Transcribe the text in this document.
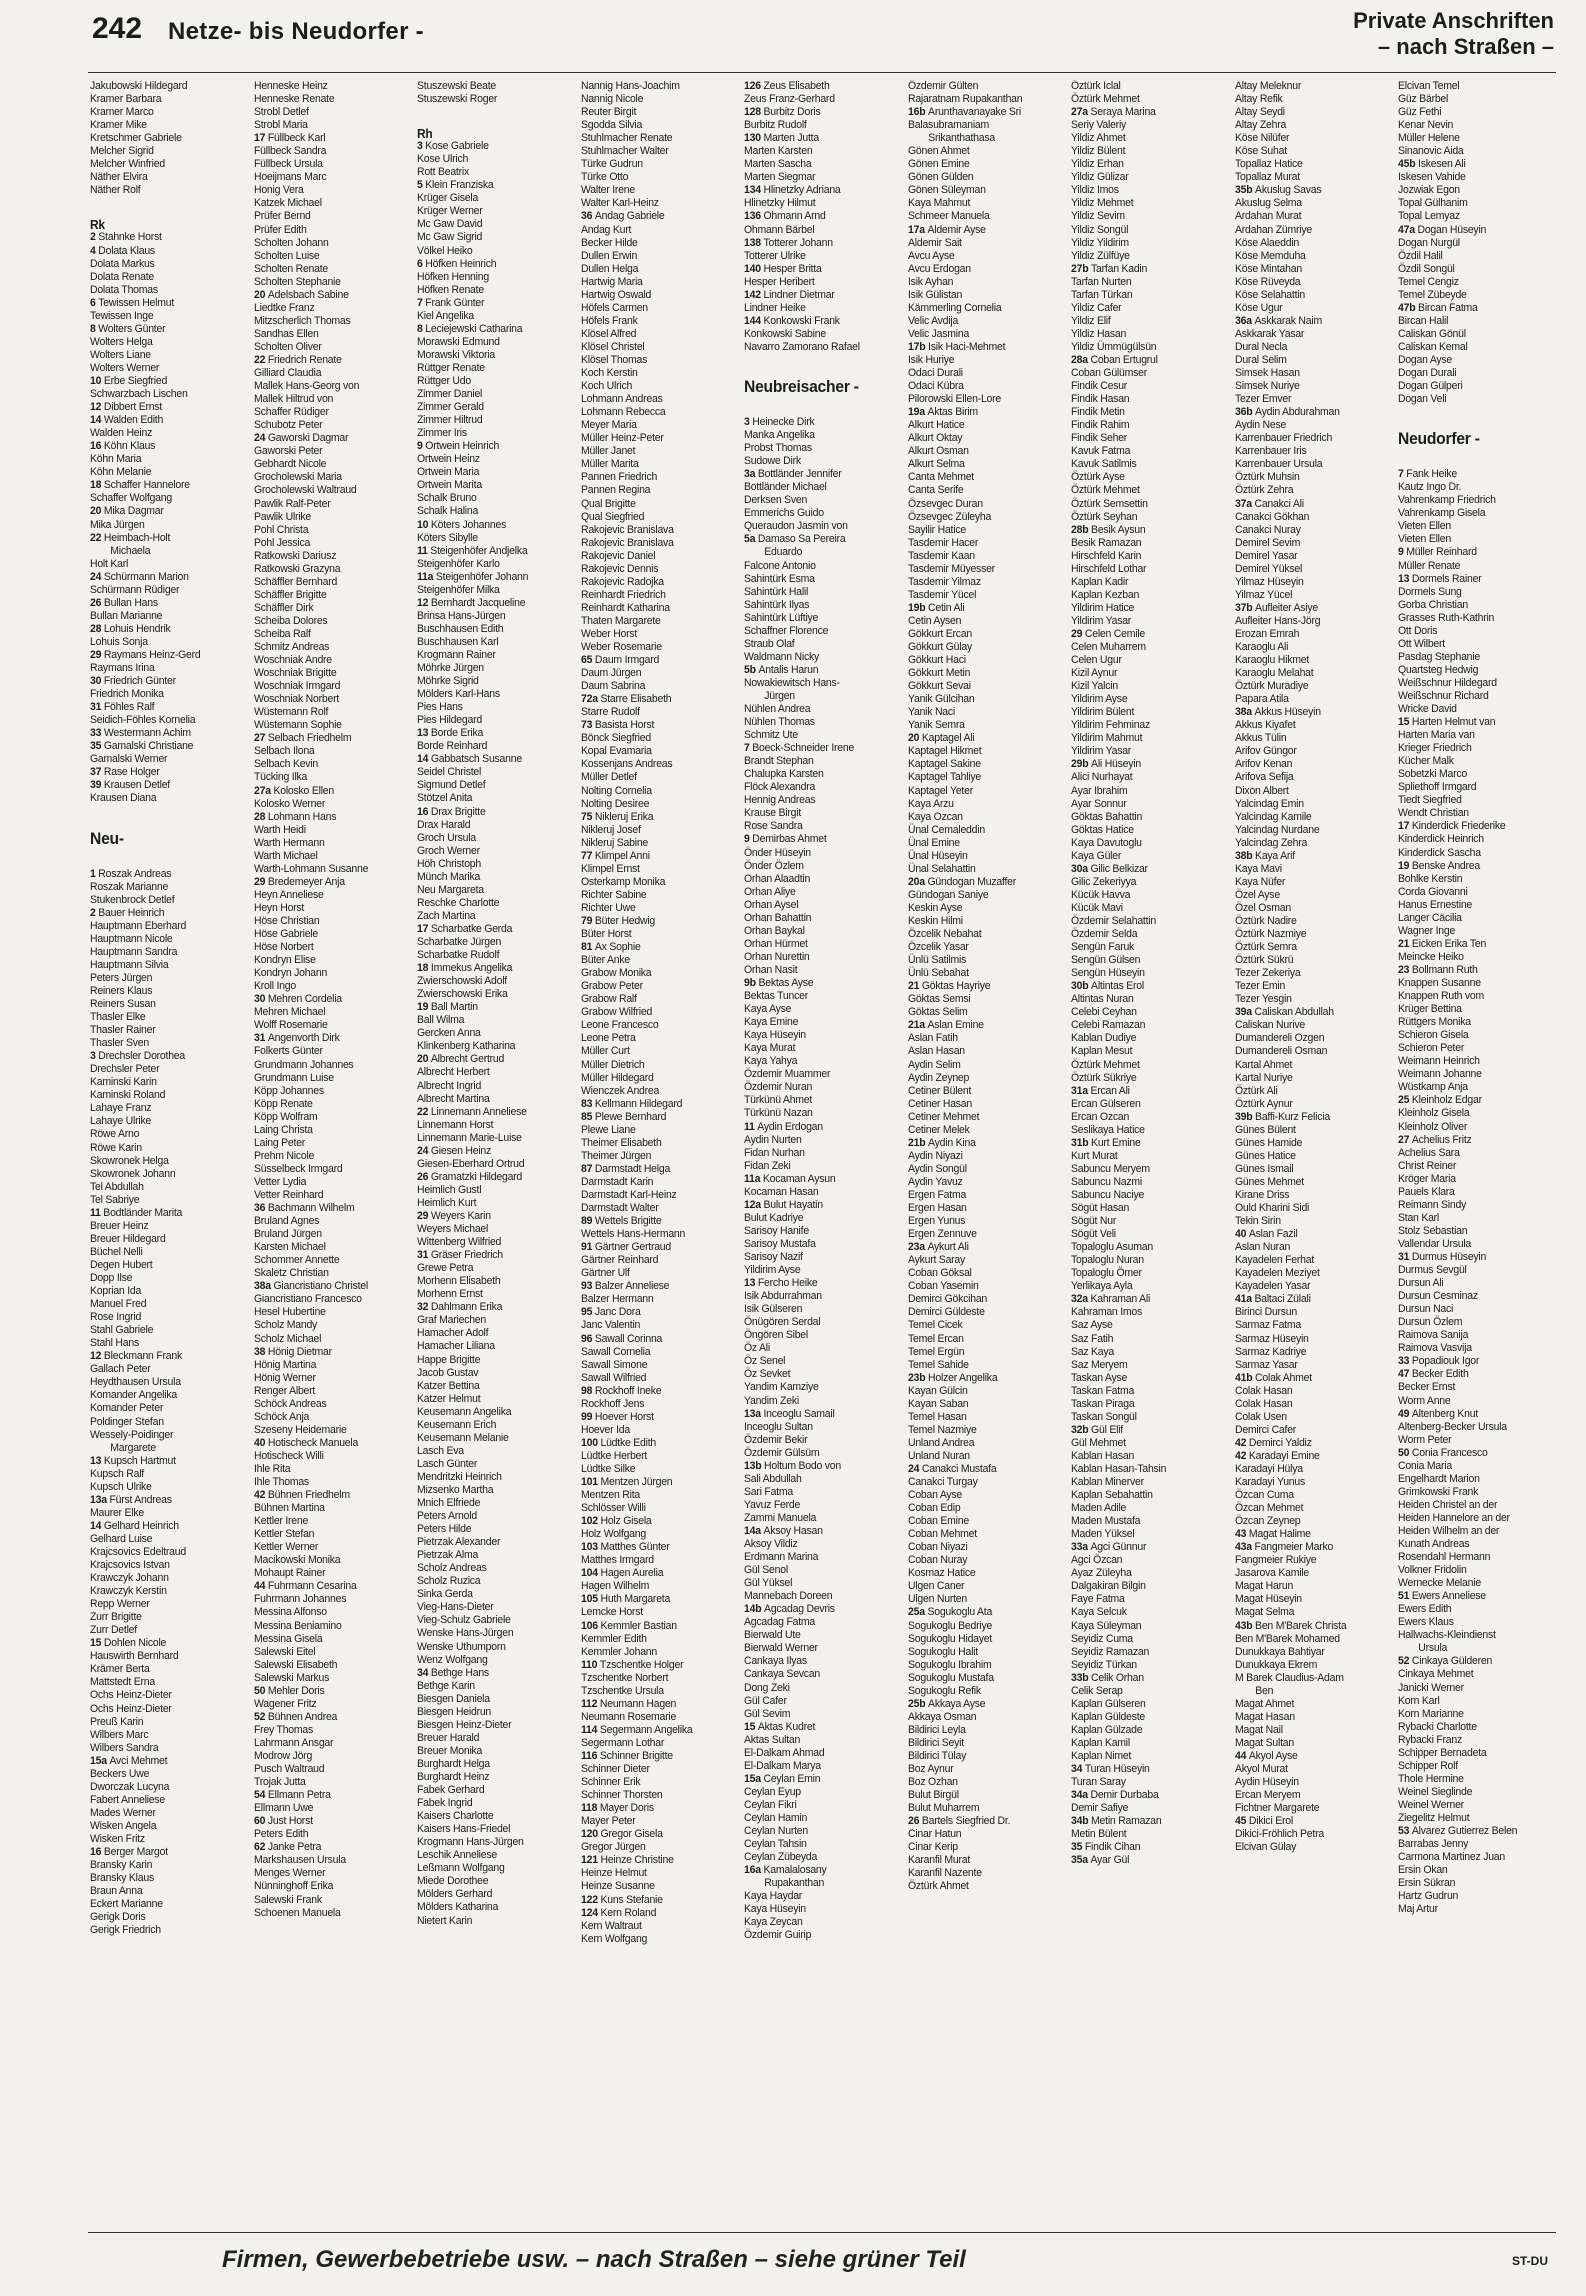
242 Netze- bis Neudorfer -	Private Anschriften
– nach Straßen –
Jakubowski Hildegard
Kramer Barbara
Kramer Marco
Kramer Mike
Kretschmer Gabriele
Melcher Sigrid
Melcher Winfried
Näther Elvira
Näther Rolf
Rk
2 Stahnke Horst
4 Dolata Klaus
Dolata Markus
Dolata Renate
Dolata Thomas
6 Tewissen Helmut
Tewissen Inge
8 Wolters Günter
Wolters Helga
Wolters Liane
Wolters Werner
10 Erbe Siegfried
Schwarzbach Lischen
12 Dibbert Ernst
14 Walden Edith
Walden Heinz
16 Köhn Klaus
Köhn Maria
Köhn Melanie
18 Schaffer Hannelore
Schaffer Wolfgang
20 Mika Dagmar
Mika Jürgen
22 Heimbach-Holt
Michaela
Holt Karl
24 Schürmann Marion
Schürmann Rüdiger
26 Bullan Hans
Bullan Marianne
28 Lohuis Hendrik
Lohuis Sonja
29 Raymans Heinz-Gerd
Raymans Irina
30 Friedrich Günter
Friedrich Monika
31 Föhles Ralf
Seidich-Föhles Kornelia
33 Westermann Achim
35 Gamalski Christiane
Gamalski Werner
37 Rase Holger
39 Krausen Detlef
Krausen Diana
Neu-
1 Roszak Andreas
Roszak Marianne
Stukenbrock Detlef
2 Bauer Heinrich
Hauptmann Eberhard
Hauptmann Nicole
Hauptmann Sandra
Hauptmann Silvia
Peters Jürgen
Reiners Klaus
Reiners Susan
Thasler Elke
Thasler Rainer
Thasler Sven
3 Drechsler Dorothea
Drechsler Peter
Kaminski Karin
Kaminski Roland
Lahaye Franz
Lahaye Ulrike
Röwe Arno
Röwe Karin
Skowronek Helga
Skowronek Johann
Tel Abdullah
Tel Sabriye
11 Bodtländer Marita
Breuer Heinz
Breuer Hildegard
Büchel Nelli
Degen Hubert
Dopp Ilse
Koprian Ida
Manuel Fred
Rose Ingrid
Stahl Gabriele
Stahl Hans
12 Bleckmann Frank
Gallach Peter
Heydthausen Ursula
Komander Angelika
Komander Peter
Poldinger Stefan
Wessely-Poidinger
Margarete
13 Kupsch Hartmut
Kupsch Ralf
Kupsch Ulrike
13a Fürst Andreas
Maurer Elke
14 Gelhard Heinrich
Gelhard Luise
Krajcsovics Edeltraud
Krajcsovics Istvan
Krawczyk Johann
Krawczyk Kerstin
Repp Werner
Zurr Brigitte
Zurr Detlef
15 Dohlen Nicole
Hauswirth Bernhard
Krämer Berta
Mattstedt Erna
Ochs Heinz-Dieter
Ochs Heinz-Dieter
Preuß Karin
Wilbers Marc
Wilbers Sandra
15a Avci Mehmet
Beckers Uwe
Dworczak Lucyna
Fabert Anneliese
Mades Werner
Wisken Angela
Wisken Fritz
16 Berger Margot
Bransky Karin
Bransky Klaus
Braun Anna
Eckert Marianne
Gerigk Doris
Gerigk Friedrich
Henneske Heinz
Henneske Renate
Strobl Detlef
Strobl Maria
17 Füllbeck Karl
Füllbeck Sandra
Füllbeck Ursula
Hoeijmans Marc
Honig Vera
Katzek Michael
Prüfer Bernd
Prüfer Edith
Scholten Johann
Scholten Luise
Scholten Renate
Scholten Stephanie
20 Adelsbach Sabine
Liedtke Franz
Mitzscherlich Thomas
Sandhas Ellen
Scholten Oliver
22 Friedrich Renate
Gilliard Claudia
Mallek Hans-Georg von
Mallek Hiltrud von
Schaffer Rüdiger
Schubotz Peter
24 Gaworski Dagmar
Gaworski Peter
Gebhardt Nicole
Grocholewski Maria
Grocholewski Waltraud
Pawlik Ralf-Peter
Pawlik Ulrike
Pohl Christa
Pohl Jessica
Ratkowski Dariusz
Ratkowski Grazyna
Schäffler Bernhard
Schäffler Brigitte
Schäffler Dirk
Scheiba Dolores
Scheiba Ralf
Schmitz Andreas
Woschniak Andre
Woschniak Brigitte
Woschniak Irmgard
Woschniak Norbert
Wüstemann Rolf
Wüstemann Sophie
27 Selbach Friedhelm
Selbach Ilona
Selbach Kevin
Tücking Ilka
27a Kolosko Ellen
Kolosko Werner
28 Lohmann Hans
Warth Heidi
Warth Hermann
Warth Michael
Warth-Lohmann Susanne
29 Bredemeyer Anja
Heyn Anneliese
Heyn Horst
Höse Christian
Höse Gabriele
Höse Norbert
Kondryn Elise
Kondryn Johann
Kroll Ingo
30 Mehren Cordelia
Mehren Michael
Wolff Rosemarie
31 Angenvorth Dirk
Folkerts Günter
Grundmann Johannes
Grundmann Luise
Köpp Johannes
Köpp Renate
Köpp Wolfram
Laing Christa
Laing Peter
Prehm Nicole
Süsselbeck Irmgard
Vetter Lydia
Vetter Reinhard
36 Bachmann Wilhelm
Bruland Agnes
Bruland Jürgen
Karsten Michael
Schommer Annette
Skaletz Christian
38a Giancristiano Christel
Giancristiano Francesco
Hesel Hubertine
Scholz Mandy
Scholz Michael
38 Hönig Dietmar
Hönig Martina
Hönig Werner
Renger Albert
Schöck Andreas
Schöck Anja
Szeseny Heidemarie
40 Hotischeck Manuela
Hotischeck Willi
Ihle Rita
Ihle Thomas
42 Bühnen Friedhelm
Bühnen Martina
Kettler Irene
Kettler Stefan
Kettler Werner
Macikowski Monika
Mohaupt Rainer
44 Fuhrmann Cesarina
Fuhrmann Johannes
Messina Alfonso
Messina Beniamino
Messina Gisela
Salewski Eitel
Salewski Elisabeth
Salewski Markus
50 Mehler Doris
Wagener Fritz
52 Bühnen Andrea
Frey Thomas
Lahrmann Ansgar
Modrow Jörg
Pusch Waltraud
Trojak Jutta
54 Ellmann Petra
Ellmann Uwe
60 Just Horst
Peters Edith
62 Janke Petra
Markshausen Ursula
Menges Werner
Nünninghoff Erika
Salewski Frank
Schoenen Manuela
Stuszewski Beate
Stuszewski Roger
Rh
3 Kose Gabriele
Kose Ulrich
Rott Beatrix
5 Klein Franziska
Krüger Gisela
Krüger Werner
Mc Gaw David
Mc Gaw Sigrid
Völkel Heiko
6 Höfken Heinrich
Höfken Henning
Höfken Renate
7 Frank Günter
Kiel Angelika
8 Leciejewski Catharina
Morawski Edmund
Morawski Viktoria
Rüttger Renate
Rüttger Udo
Zimmer Daniel
Zimmer Gerald
Zimmer Hiltrud
Zimmer Iris
9 Ortwein Heinrich
Ortwein Heinz
Ortwein Maria
Ortwein Marita
Schalk Bruno
Schalk Halina
10 Köters Johannes
Köters Sibylle
11 Steigenhöfer Andjelka
Steigenhöfer Karlo
11a Steigenhöfer Johann
Steigenhöfer Milka
12 Bernhardt Jacqueline
Brinsa Hans-Jürgen
Buschhausen Edith
Buschhausen Karl
Krogmann Rainer
Möhrke Jürgen
Möhrke Sigrid
Mölders Karl-Hans
Pies Hans
Pies Hildegard
13 Borde Erika
Borde Reinhard
14 Gabbatsch Susanne
Seidel Christel
Sigmund Detlef
Stötzel Anita
16 Drax Brigitte
Drax Harald
Groch Ursula
Groch Werner
Höh Christoph
Münch Marika
Neu Margareta
Reschke Charlotte
Zach Martina
17 Scharbatke Gerda
Scharbatke Jürgen
Scharbatke Rudolf
18 Immekus Angelika
Zwierschowski Adolf
Zwierschowski Erika
19 Ball Martin
Ball Wilma
Gercken Anna
Klinkenberg Katharina
20 Albrecht Gertrud
Albrecht Herbert
Albrecht Ingrid
Albrecht Martina
22 Linnemann Anneliese
Linnemann Horst
Linnemann Marie-Luise
24 Giesen Heinz
Giesen-Eberhard Ortrud
26 Gramatzki Hildegard
Heimlich Gustl
Heimlich Kurt
29 Weyers Karin
Weyers Michael
Wittenberg Wilfried
31 Gräser Friedrich
Grewe Petra
Morhenn Elisabeth
Morhenn Ernst
32 Dahlmann Erika
Graf Mariechen
Hamacher Adolf
Hamacher Liliana
Happe Brigitte
Jacob Gustav
Katzer Bettina
Katzer Helmut
Keusemann Angelika
Keusemann Erich
Keusemann Melanie
Lasch Eva
Lasch Günter
Mendritzki Heinrich
Mizsenko Martha
Mnich Elfriede
Peters Arnold
Peters Hilde
Pietrzak Alexander
Pietrzak Alma
Scholz Andreas
Scholz Ruzica
Sinka Gerda
Vieg-Hans-Dieter
Vieg-Schulz Gabriele
Wenske Hans-Jürgen
Wenske Uthumporn
Wenz Wolfgang
34 Bethge Hans
Bethge Karin
Biesgen Daniela
Biesgen Heidrun
Biesgen Heinz-Dieter
Breuer Harald
Breuer Monika
Burghardt Helga
Burghardt Heinz
Fabek Gerhard
Fabek Ingrid
Kaisers Charlotte
Kaisers Hans-Friedel
Krogmann Hans-Jürgen
Leschik Anneliese
Leßmann Wolfgang
Miede Dorothee
Mölders Gerhard
Mölders Katharina
Nietert Karin
Nannig Hans-Joachim
Nannig Nicole
Reuter Birgit
Sgodda Silvia
Stuhlmacher Renate
Stuhlmacher Walter
Türke Gudrun
Türke Otto
Walter Irene
Walter Karl-Heinz
36 Andag Gabriele
Andag Kurt
Becker Hilde
Dullen Erwin
Dullen Helga
Hartwig Maria
Hartwig Oswald
Höfels Carmen
Höfels Frank
Klösel Alfred
Klösel Christel
Klösel Thomas
Koch Kerstin
Koch Ulrich
Lohmann Andreas
Lohmann Rebecca
Meyer Maria
Müller Heinz-Peter
Müller Janet
Müller Marita
Pannen Friedrich
Pannen Regina
Qual Brigitte
Qual Siegfried
Rakojevic Branislava
Rakojevic Branislava
Rakojevic Daniel
Rakojevic Dennis
Rakojevic Radojka
Reinhardt Friedrich
Reinhardt Katharina
Thaten Margarete
Weber Horst
Weber Rosemarie
65 Daum Irmgard
Daum Jürgen
Daum Sabrina
72a Starre Elisabeth
Starre Rudolf
73 Basista Horst
Bönck Siegfried
Kopal Evamaria
Kossenjans Andreas
Müller Detlef
Nolting Cornelia
Nolting Desiree
75 Nikleruj Erika
Nikleruj Josef
Nikleruj Sabine
77 Klimpel Anni
Klimpel Ernst
Osterkamp Monika
Richter Sabine
Richter Uwe
79 Büter Hedwig
Büter Horst
81 Ax Sophie
Büter Anke
Grabow Monika
Grabow Peter
Grabow Ralf
Grabow Wilfried
Leone Francesco
Leone Petra
Müller Curt
Müller Dietrich
Müller Hildegard
Wienczek Andrea
83 Kellmann Hildegard
85 Plewe Bernhard
Plewe Liane
Theimer Elisabeth
Theimer Jürgen
87 Darmstadt Helga
Darmstadt Karin
Darmstadt Karl-Heinz
Darmstadt Walter
89 Wettels Brigitte
Wettels Hans-Hermann
91 Gärtner Gertraud
Gärtner Reinhard
Gärtner Ulf
93 Balzer Anneliese
Balzer Hermann
95 Janc Dora
Janc Valentin
96 Sawall Corinna
Sawall Cornelia
Sawall Simone
Sawall Wilfried
98 Rockhoff Ineke
Rockhoff Jens
99 Hoever Horst
Hoever Ida
100 Lüdtke Edith
Lüdtke Herbert
Lüdtke Silke
101 Mentzen Jürgen
Mentzen Rita
Schlösser Willi
102 Holz Gisela
Holz Wolfgang
103 Matthes Günter
Matthes Irmgard
104 Hagen Aurelia
Hagen Wilhelm
105 Huth Margareta
Lemcke Horst
106 Kemmler Bastian
Kemmler Edith
Kemmler Johann
110 Tzschentke Holger
Tzschentke Norbert
Tzschentke Ursula
112 Neumann Hagen
Neumann Rosemarie
114 Segermann Angelika
Segermann Lothar
116 Schinner Brigitte
Schinner Dieter
Schinner Erik
Schinner Thorsten
118 Mayer Doris
Mayer Peter
120 Gregor Gisela
Gregor Jürgen
121 Heinze Christine
Heinze Helmut
Heinze Susanne
122 Kuns Stefanie
124 Kern Roland
Kern Waltraut
Kern Wolfgang
126 Zeus Elisabeth
Zeus Franz-Gerhard
128 Burbitz Doris
Burbitz Rudolf
130 Marten Jutta
Marten Karsten
Marten Sascha
Marten Siegmar
134 Hlinetzky Adriana
Hlinetzky Hilmut
136 Ohmann Arnd
Ohmann Bärbel
138 Totterer Johann
Totterer Ulrike
140 Hesper Britta
Hesper Heribert
142 Lindner Dietmar
Lindner Heike
144 Konkowski Frank
Konkowski Sabine
Navarro Zamorano Rafael
Neubreisacher -
3 Heinecke Dirk
Manka Angelika
Probst Thomas
Sudowe Dirk
3a Bottländer Jennifer
Bottländer Michael
Derksen Sven
Emmerichs Guido
Queraudon Jasmin von
5a Damaso Sa Pereira
Eduardo
Falcone Antonio
Sahintürk Esma
Sahintürk Halil
Sahintürk Ilyas
Sahintürk Lüftiye
Schaffner Florence
Straub Olaf
Waldmann Nicky
5b Antalis Harun
Nowakiewitsch Hans-
Jürgen
Nühlen Andrea
Nühlen Thomas
Schmitz Ute
7 Boeck-Schneider Irene
Brandt Stephan
Chalupka Karsten
Flöck Alexandra
Hennig Andreas
Krause Birgit
Rose Sandra
9 Demirbas Ahmet
Önder Hüseyin
Önder Özlem
Orhan Alaadtin
Orhan Aliye
Orhan Aysel
Orhan Bahattin
Orhan Baykal
Orhan Hürmet
Orhan Nurettin
Orhan Nasit
9b Bektas Ayse
Bektas Tuncer
Kaya Ayse
Kaya Emine
Kaya Hüseyin
Kaya Murat
Kaya Yahya
Özdemir Muammer
Özdemir Nuran
Türkünü Ahmet
Türkünü Nazan
11 Aydin Erdogan
Aydin Nurten
Fidan Nurhan
Fidan Zeki
11a Kocaman Aysun
Kocaman Hasan
12a Bulut Hayatin
Bulut Kadriye
Sarisoy Hanife
Sarisoy Mustafa
Sarisoy Nazif
Yildirim Ayse
13 Fercho Heike
Isik Abdurrahman
Isik Gülseren
Önügören Serdal
Öngören Sibel
Öz Ali
Öz Senel
Öz Sevket
Yandim Kamziye
Yandim Zeki
13a Inceoglu Samail
Inceoglu Sultan
Özdemir Bekir
Özdemir Gülsüm
13b Holtum Bodo von
Sali Abdullah
Sari Fatma
Yavuz Ferde
Zammi Manuela
14a Aksoy Hasan
Aksoy Vildiz
Erdmann Marina
Gül Senol
Gül Yüksel
Mannebach Doreen
14b Agcadag Devris
Agcadag Fatma
Bierwald Ute
Bierwald Werner
Cankaya Ilyas
Cankaya Sevcan
Dong Zeki
Gül Cafer
Gül Sevim
15 Aktas Kudret
Aktas Sultan
El-Dalkam Ahmad
El-Dalkam Marya
15a Ceylan Emin
Ceylan Eyup
Ceylan Fikri
Ceylan Hamin
Ceylan Nurten
Ceylan Tahsin
Ceylan Zübeyda
16a Kamalalosany
Rupakanthan
Kaya Haydar
Kaya Hüseyin
Kaya Zeycan
Özdemir Guirip
Özdemir Gülten
Rajaratnam Rupakanthan
16b Arunthavanayake Sri
Balasubramaniam
Srikanthathasa
Gönen Ahmet
Gönen Emine
Gönen Gülden
Gönen Süleyman
Kaya Mahmut
Schmeer Manuela
17a Aldemir Ayse
Aldemir Sait
Avcu Ayse
Avcu Erdogan
Isik Ayhan
Isik Gülistan
Kämmerling Cornelia
Velic Avdija
Velic Jasmina
17b Isik Haci-Mehmet
Isik Huriye
Odaci Durali
Odaci Kübra
Pilorowski Ellen-Lore
19a Aktas Birim
Alkurt Hatice
Alkurt Oktay
Alkurt Osman
Alkurt Selma
Canta Mehmet
Canta Serife
Özsevgec Duran
Özsevgec Züleyha
Sayilir Hatice
Tasdemir Hacer
Tasdemir Kaan
Tasdemir Müyesser
Tasdemir Yilmaz
Tasdemir Yücel
19b Cetin Ali
Cetin Aysen
Gökkurt Ercan
Gökkurt Gülay
Gökkurt Haci
Gökkurt Metin
Gökkurt Sevai
Yanik Gülcihan
Yanik Naci
Yanik Semra
20 Kaptagel Ali
Kaptagel Hikmet
Kaptagel Sakine
Kaptagel Tahliye
Kaptagel Yeter
Kaya Arzu
Kaya Ozcan
Ünal Cemaleddin
Ünal Emine
Ünal Hüseyin
Ünal Selahattin
20a Gündogan Muzaffer
Gündogan Saniye
Keskin Ayse
Keskin Hilmi
Özcelik Nebahat
Özcelik Yasar
Ünlü Satilmis
Ünlü Sebahat
21 Göktas Hayriye
Göktas Semsi
Göktas Selim
21a Aslan Emine
Aslan Fatih
Aslan Hasan
Aydin Selim
Aydin Zeynep
Cetiner Bülent
Cetiner Hasan
Cetiner Mehmet
Cetiner Melek
21b Aydin Kina
Aydin Niyazi
Aydin Songül
Aydin Yavuz
Ergen Fatma
Ergen Hasan
Ergen Yunus
Ergen Zennuve
23a Aykurt Ali
Aykurt Saray
Coban Göksal
Coban Yasemin
Demirci Gökcihan
Demirci Güldeste
Temel Cicek
Temel Ercan
Temel Ergün
Temel Sahide
23b Holzer Angelika
Kayan Gülcin
Kayan Saban
Temel Hasan
Temel Nazmiye
Unland Andrea
Unland Nuran
24 Canakci Mustafa
Canakci Turgay
Coban Ayse
Coban Edip
Coban Emine
Coban Mehmet
Coban Niyazi
Coban Nuray
Kosmaz Hatice
Ulgen Caner
Ulgen Nurten
25a Sogukoglu Ata
Sogukoglu Bedriye
Sogukoglu Hidayet
Sogukoglu Halit
Sogukoglu Ibrahim
Sogukoglu Mustafa
Sogukoglu Refik
25b Akkaya Ayse
Akkaya Osman
Bildirici Leyla
Bildirici Seyit
Bildirici Tülay
Boz Aynur
Boz Ozhan
Bulut Birgül
Bulut Muharrem
26 Bartels Siegfried Dr.
Cinar Hatun
Cinar Kerip
Karanfil Murat
Karanfil Nazente
Öztürk Ahmet
Öztürk Iclal
Öztürk Mehmet
27a Seraya Marina
Seriy Valeriy
Yildiz Ahmet
Yildiz Bülent
Yildiz Erhan
Yildiz Gülizar
Yildiz Imos
Yildiz Mehmet
Yildiz Sevim
Yildiz Songül
Yildiz Yildirim
Yildiz Zülfüye
27b Tarfan Kadin
Tarfan Nurten
Tarfan Türkan
Yildiz Cafer
Yildiz Elif
Yildiz Hasan
Yildiz Ümmügülsün
28a Coban Ertugrul
Coban Gülümser
Findik Cesur
Findik Hasan
Findik Metin
Findik Rahim
Findik Seher
Kavuk Fatma
Kavuk Satilmis
Öztürk Ayse
Öztürk Mehmet
Öztürk Semsettin
Öztürk Seyhan
28b Besik Aysun
Besik Ramazan
Hirschfeld Karin
Hirschfeld Lothar
Kaplan Kadir
Kaplan Kezban
Yildirim Hatice
Yildirim Yasar
29 Celen Cemile
Celen Muharrem
Celen Ugur
Kizil Aynur
Kizil Yalcin
Yildirim Ayse
Yildirim Bülent
Yildirim Fehminaz
Yildirim Mahmut
Yildirim Yasar
29b Ali Hüseyin
Alici Nurhayat
Ayar Ibrahim
Ayar Sonnur
Göktas Bahattin
Göktas Hatice
Kaya Davutoglu
Kaya Güler
30a Gilic Belkizar
Gilic Zekeriyya
Kücük Havva
Kücük Mavi
Özdemir Selahattin
Özdemir Selda
Sengün Faruk
Sengün Gülsen
Sengün Hüseyin
30b Altintas Erol
Altintas Nuran
Celebi Ceyhan
Celebi Ramazan
Kablan Dudiye
Kaplan Mesut
Öztürk Mehmet
Öztürk Sükriye
31a Ercan Ali
Ercan Gülseren
Ercan Ozcan
Seslikaya Hatice
31b Kurt Emine
Kurt Murat
Sabuncu Meryem
Sabuncu Nazmi
Sabuncu Naciye
Sögüt Hasan
Sögüt Nur
Sögüt Veli
Topaloglu Asuman
Topaloglu Nuran
Topaloglu Ömer
Yerlikaya Ayla
32a Kahraman Ali
Kahraman Imos
Saz Ayse
Saz Fatih
Saz Kaya
Saz Meryem
Taskan Ayse
Taskan Fatma
Taskan Piraga
Taskan Songül
32b Gül Elif
Gül Mehmet
Kablan Hasan
Kablan Hasan-Tahsin
Kablan Minerver
Kaplan Sebahattin
Maden Adile
Maden Mustafa
Maden Yüksel
33a Agci Günnur
Agci Özcan
Ayaz Züleyha
Dalgakiran Bilgin
Faye Fatma
Kaya Selcuk
Kaya Süleyman
Seyidiz Cuma
Seyidiz Ramazan
Seyidiz Türkan
33b Celik Orhan
Celik Serap
Kaplan Gülseren
Kaplan Güldeste
Kaplan Gülzade
Kaplan Kamil
Kaplan Nimet
34 Turan Hüseyin
Turan Saray
34a Demir Durbaba
Demir Safiye
34b Metin Ramazan
Metin Bülent
35 Findik Cihan
35a Ayar Gül
Altay Meleknur
Altay Refik
Altay Seydi
Altay Zehra
Köse Nilüfer
Köse Suhat
Topallaz Hatice
Topallaz Murat
35b Akuslug Savas
Akuslug Selma
Ardahan Murat
Ardahan Zümriye
Köse Alaeddin
Köse Memduha
Köse Mintahan
Köse Rüveyda
Köse Selahattin
Köse Ugur
36a Askkarak Naim
Askkarak Yasar
Dural Necla
Dural Selim
Simsek Hasan
Simsek Nuriye
Tezer Emver
36b Aydin Abdurahman
Aydin Nese
Karrenbauer Friedrich
Karrenbauer Iris
Karrenbauer Ursula
Öztürk Muhsin
Öztürk Zehra
37a Canakci Ali
Canakci Gökhan
Canakci Nuray
Demirel Sevim
Demirel Yasar
Demirel Yüksel
Yilmaz Hüseyin
Yilmaz Yücel
37b Aufleiter Asiye
Aufleiter Hans-Jörg
Erozan Emrah
Karaoglu Ali
Karaoglu Hikmet
Karaoglu Melahat
Öztürk Muradiye
Papara Atila
38a Akkus Hüseyin
Akkus Kiyafet
Akkus Tülin
Arifov Güngor
Arifov Kenan
Arifova Sefija
Dixon Albert
Yalcindag Emin
Yalcindag Kamile
Yalcindag Nurdane
Yalcindag Zehra
38b Kaya Arif
Kaya Mavi
Kaya Nüfer
Özel Ayse
Özel Osman
Öztürk Nadire
Öztürk Nazmiye
Öztürk Semra
Öztürk Sükrü
Tezer Zekeriya
Tezer Emin
Tezer Yesgin
39a Caliskan Abdullah
Caliskan Nurive
Dumandereli Ozgen
Dumandereli Osman
Kartal Ahmet
Kartal Nuriye
Öztürk Ali
Öztürk Aynur
39b Baffi-Kurz Felicia
Günes Bülent
Günes Hamide
Günes Hatice
Günes Ismail
Günes Mehmet
Kirane Driss
Ould Kharini Sidi
Tekin Sirin
40 Aslan Fazil
Aslan Nuran
Kayadelen Ferhat
Kayadelen Meziyet
Kayadelen Yasar
41a Baltaci Zülali
Birinci Dursun
Sarmaz Fatma
Sarmaz Hüseyin
Sarmaz Kadriye
Sarmaz Yasar
41b Colak Ahmet
Colak Hasan
Colak Hasan
Colak Usen
Demirci Cafer
42 Demirci Yaldiz
42 Karadayi Emine
Karadayi Hülya
Karadayi Yunus
Özcan Cuma
Özcan Mehmet
Özcan Zeynep
43 Magat Halime
43a Fangmeier Marko
Fangmeier Rukiye
Jasarova Kamile
Magat Harun
Magat Hüseyin
Magat Selma
43b Ben M'Barek Christa
Ben M'Barek Mohamed
Dunukkaya Bahtiyar
Dunukkaya Ekrem
M Barek Claudius-Adam
Ben
Magat Ahmet
Magat Hasan
Magat Nail
Magat Sultan
44 Akyol Ayse
Akyol Murat
Aydin Hüseyin
Ercan Meryem
Fichtner Margarete
45 Dikici Erol
Dikici-Fröhlich Petra
Elcivan Gülay
Elcivan Temel
Güz Bärbel
Güz Fethi
Kenar Nevin
Müller Helene
Sinanovic Aida
45b Iskesen Ali
Iskesen Vahide
Jozwiak Egon
Topal Gülhanim
Topal Lemyaz
47a Dogan Hüseyin
Dogan Nurgül
Özdil Halil
Özdil Songül
Temel Cengiz
Temel Zübeyde
47b Bircan Fatma
Bircan Halil
Caliskan Gönül
Caliskan Kemal
Dogan Ayse
Dogan Durali
Dogan Gülperi
Dogan Veli
Neudorfer -
7 Fank Heike
Kautz Ingo Dr.
Vahrenkamp Friedrich
Vahrenkamp Gisela
Vieten Ellen
Vieten Ellen
9 Müller Reinhard
Müller Renate
13 Dormels Rainer
Dormels Sung
Gorba Christian
Grasses Ruth-Kathrin
Ott Doris
Ott Wilbert
Pasdag Stephanie
Quartsteg Hedwig
Weißschnur Hildegard
Weißschnur Richard
Wricke David
15 Harten Helmut van
Harten Maria van
Krieger Friedrich
Kücher Malk
Sobetzki Marco
Spliethoff Irmgard
Tiedt Siegfried
Wendt Christian
17 Kinderdick Friederike
Kinderdick Heinrich
Kinderdick Sascha
19 Benske Andrea
Bohlke Kerstin
Corda Giovanni
Hanus Ernestine
Langer Cäcilia
Wagner Inge
21 Eicken Erika Ten
Meincke Heiko
23 Bollmann Ruth
Knappen Susanne
Knappen Ruth vom
Krüger Bettina
Rüttgers Monika
Schieron Gisela
Schieron Peter
Weimann Heinrich
Weimann Johanne
Wüstkamp Anja
25 Kleinholz Edgar
Kleinholz Gisela
Kleinholz Oliver
27 Achelius Fritz
Achelius Sara
Christ Reiner
Kröger Maria
Pauels Klara
Reimann Sindy
Stan Karl
Stolz Sebastian
Vallendar Ursula
31 Durmus Hüseyin
Durmus Sevgül
Dursun Ali
Dursun Cesminaz
Dursun Naci
Dursun Özlem
Raimova Sanija
Raimova Vasvija
33 Popadiouk Igor
47 Becker Edith
Becker Ernst
Worm Anne
49 Altenberg Knut
Altenberg-Becker Ursula
Worm Peter
50 Conia Francesco
Conia Maria
Engelhardt Marion
Grimkowski Frank
Heiden Christel an der
Heiden Hannelore an der
Heiden Wilhelm an der
Kunath Andreas
Rosendahl Hermann
Volkner Fridolin
Wernecke Melanie
51 Ewers Anneliese
Ewers Edith
Ewers Klaus
Hallwachs-Kleindienst
Ursula
52 Cinkaya Gülderen
Cinkaya Mehmet
Janicki Werner
Korn Karl
Korn Marianne
Rybacki Charlotte
Rybacki Franz
Schipper Bernadeta
Schipper Rolf
Thole Hermine
Weinel Sieglinde
Weinel Werner
Ziegelitz Helmut
53 Alvarez Gutierrez Belen
Barrabas Jenny
Carmona Martinez Juan
Ersin Okan
Ersin Sükran
Hartz Gudrun
Maj Artur
Firmen, Gewerbebetriebe usw. – nach Straßen – siehe grüner Teil	ST-DU
